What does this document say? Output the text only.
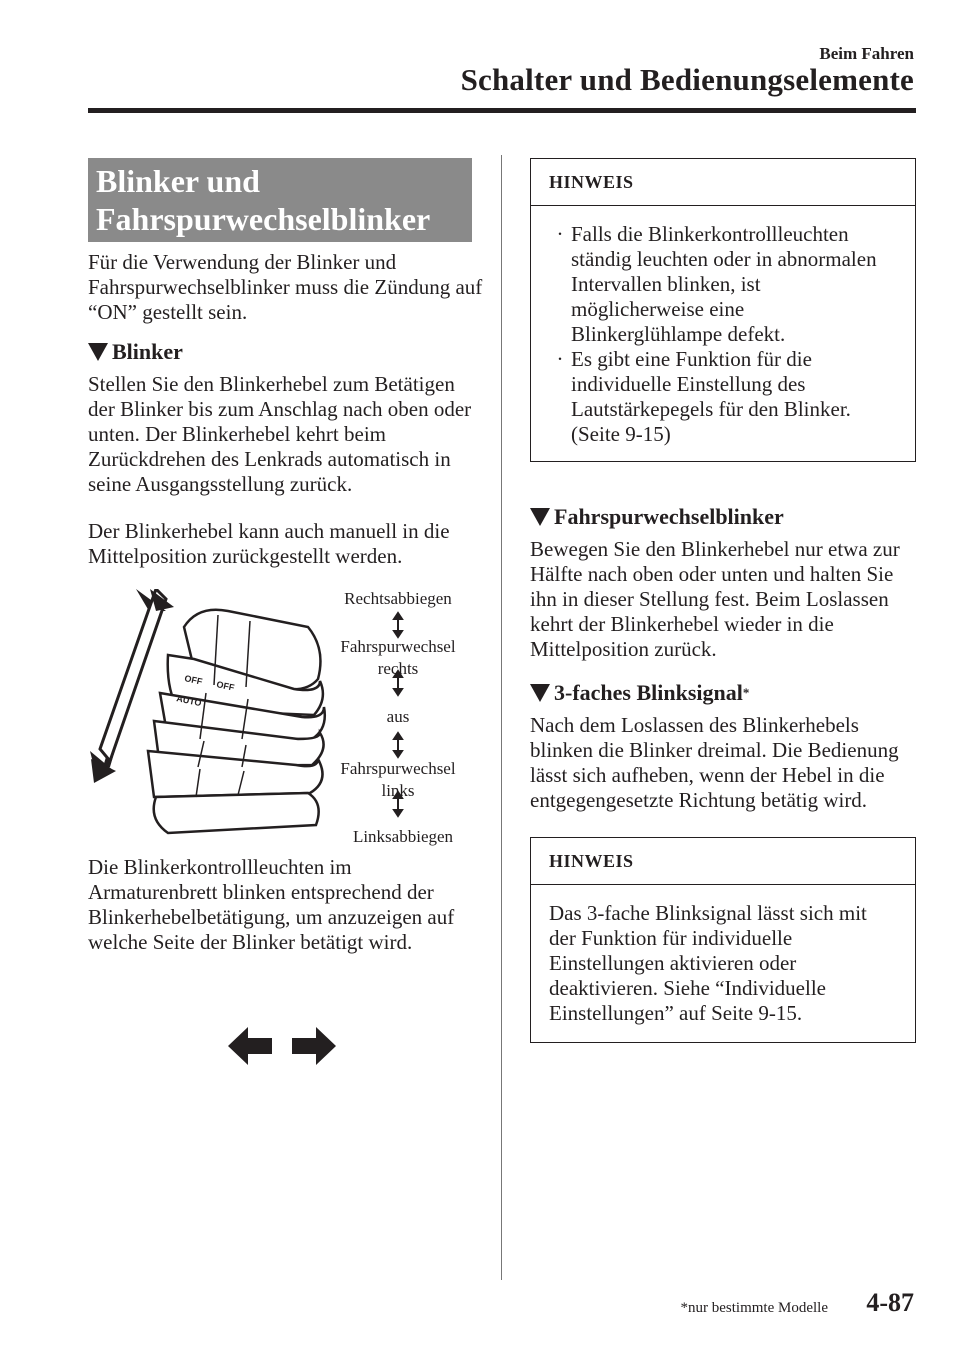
Beim Fahren
Schalter und Bedienungselemente
Blinker und
Fahrspurwechselblinker

Für die Verwendung der Blinker und Fahrspurwechselblinker muss die Zündung auf “ON” gestellt sein.

Blinker

Stellen Sie den Blinkerhebel zum Betätigen der Blinker bis zum Anschlag nach oben oder unten. Der Blinkerhebel kehrt beim Zurückdrehen des Lenkrads automatisch in seine Ausgangsstellung zurück.

Der Blinkerhebel kann auch manuell in die Mittelposition zurückgestellt werden.

OFF OFF
AUTO
Rechtsabbiegen
Fahrspurwechsel
rechts
aus
Fahrspurwechsel
links
Linksabbiegen

Die Blinkerkontrollleuchten im Armaturenbrett blinken entsprechend der Blinkerhebelbetätigung, um anzuzeigen auf welche Seite der Blinker betätigt wird.

HINWEIS
· Falls die Blinkerkontrollleuchten ständig leuchten oder in abnormalen Intervallen blinken, ist möglicherweise eine Blinkerglühlampe defekt.
· Es gibt eine Funktion für die individuelle Einstellung des Lautstärkepegels für den Blinker. (Seite 9-15)
Fahrspurwechselblinker

Bewegen Sie den Blinkerhebel nur etwa zur Hälfte nach oben oder unten und halten Sie ihn in dieser Stellung fest. Beim Loslassen kehrt der Blinkerhebel wieder in die Mittelposition zurück.

3-faches Blinksignal *

Nach dem Loslassen des Blinkerhebels blinken die Blinker dreimal. Die Bedienung lässt sich aufheben, wenn der Hebel in die entgegengesetzte Richtung betätig wird.

HINWEIS
Das 3-fache Blinksignal lässt sich mit der Funktion für individuelle Einstellungen aktivieren oder deaktivieren. Siehe “Individuelle Einstellungen” auf Seite 9-15.
*nur bestimmte Modelle 4-87
